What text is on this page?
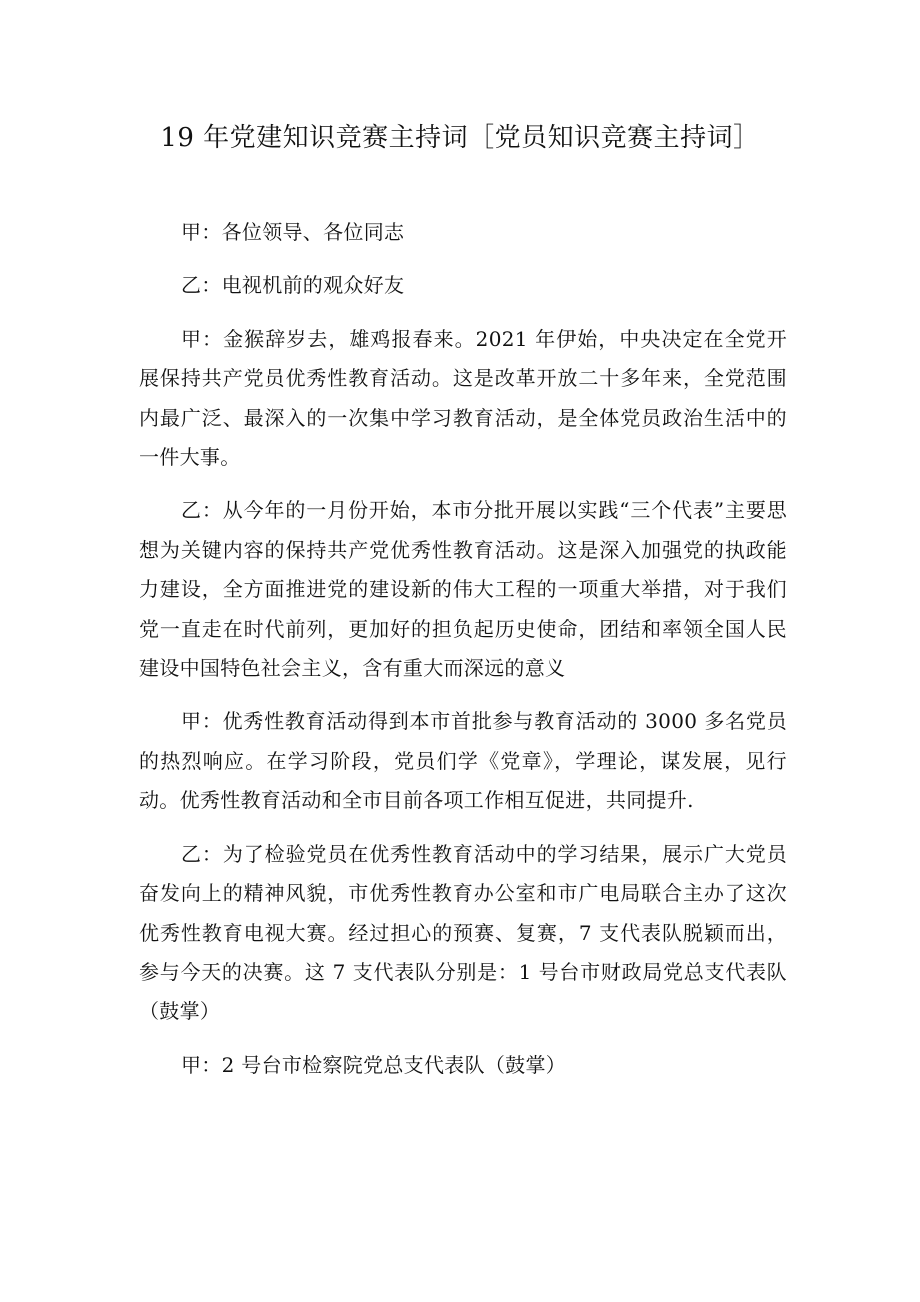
19 年党建知识竞赛主持词［党员知识竞赛主持词］

甲：各位领导、各位同志

乙：电视机前的观众好友

甲：金猴辞岁去，雄鸡报春来。2021 年伊始，中央决定在全党开展保持共产党员优秀性教育活动。这是改革开放二十多年来，全党范围内最广泛、最深入的一次集中学习教育活动，是全体党员政治生活中的一件大事。

乙：从今年的一月份开始，本市分批开展以实践“三个代表”主要思想为关键内容的保持共产党优秀性教育活动。这是深入加强党的执政能力建设，全方面推进党的建设新的伟大工程的一项重大举措，对于我们党一直走在时代前列，更加好的担负起历史使命，团结和率领全国人民建设中国特色社会主义，含有重大而深远的意义

甲：优秀性教育活动得到本市首批参与教育活动的 3000 多名党员的热烈响应。在学习阶段，党员们学《党章》，学理论，谋发展，见行动。优秀性教育活动和全市目前各项工作相互促进，共同提升.

乙：为了检验党员在优秀性教育活动中的学习结果，展示广大党员奋发向上的精神风貌，市优秀性教育办公室和市广电局联合主办了这次优秀性教育电视大赛。经过担心的预赛、复赛，7 支代表队脱颖而出，参与今天的决赛。这 7 支代表队分别是：1 号台市财政局党总支代表队（鼓掌）

甲：2 号台市检察院党总支代表队（鼓掌）
